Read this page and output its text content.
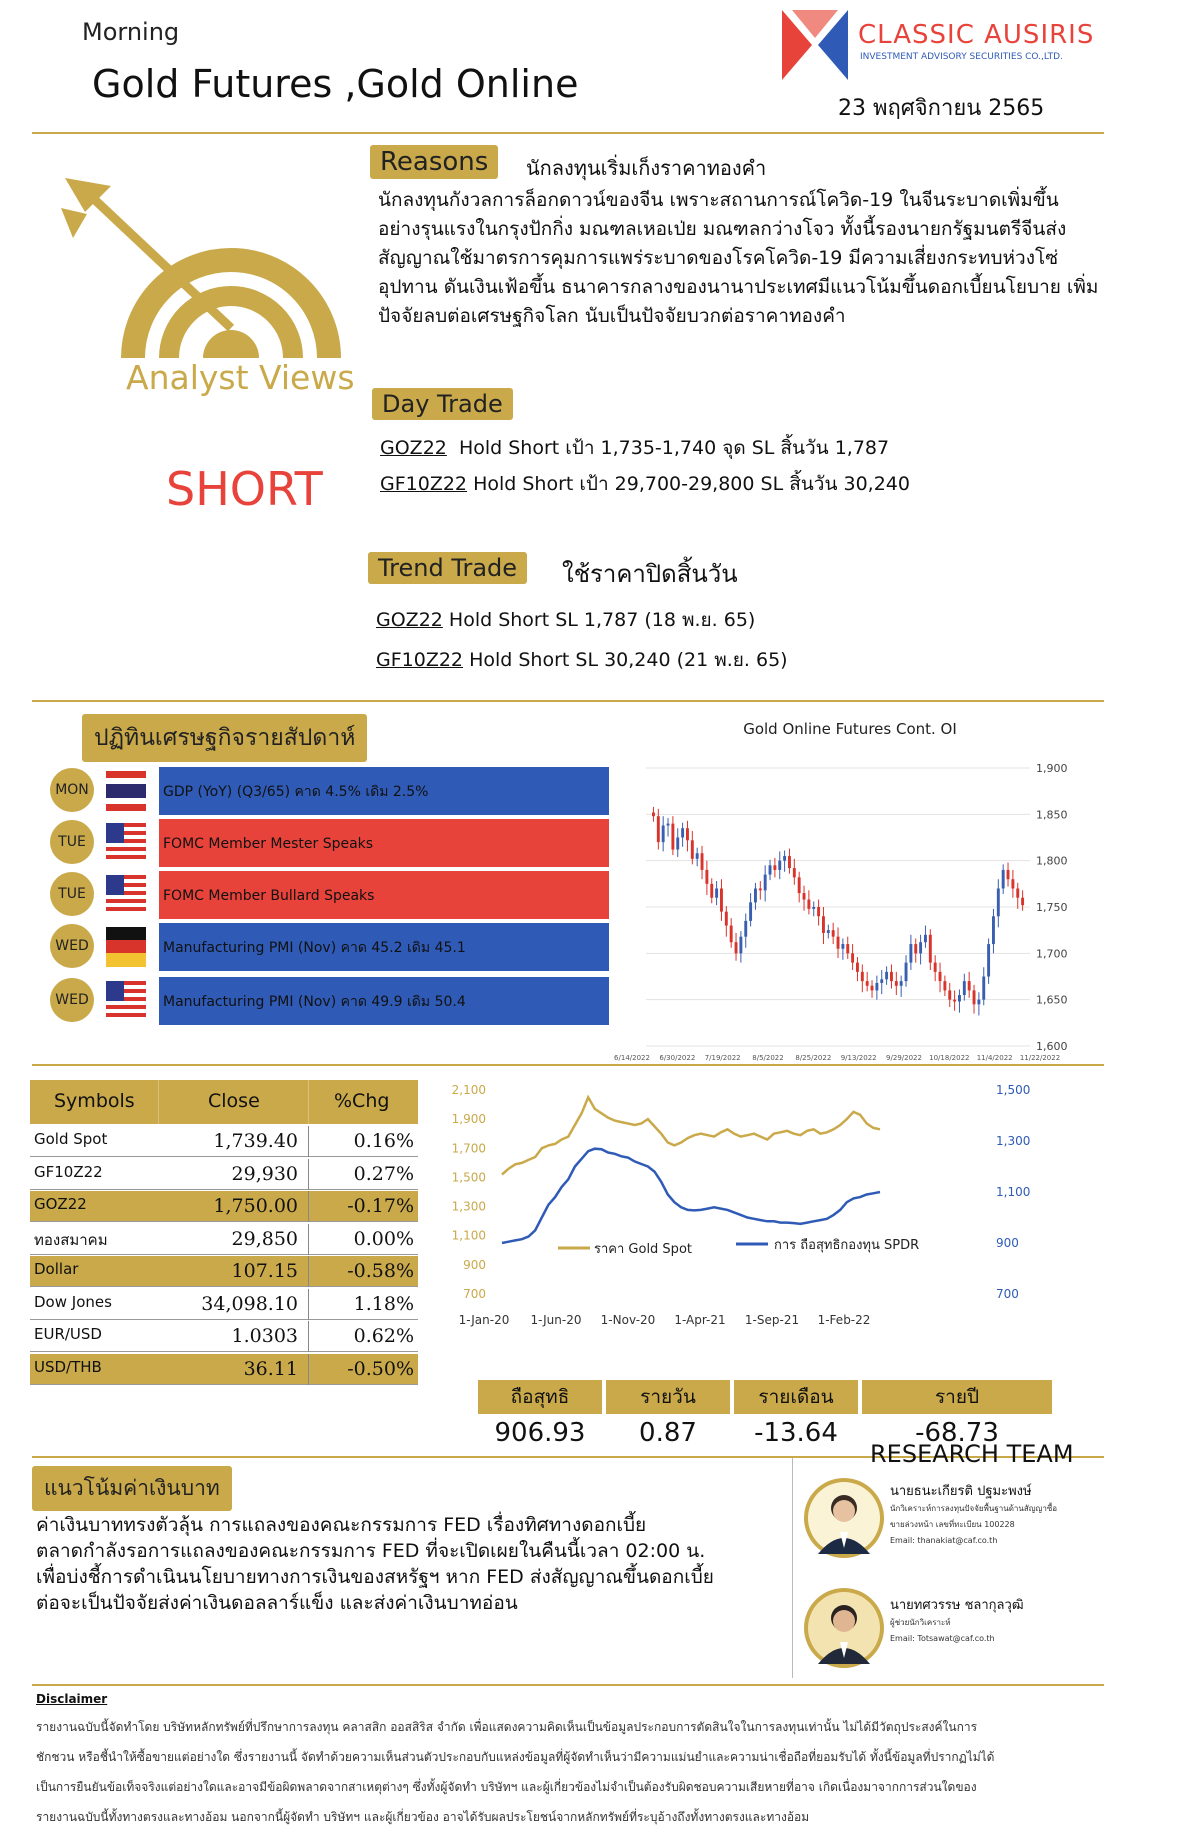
Morning
Gold Futures ,Gold Online
CLASSIC AUSIRIS
INVESTMENT ADVISORY SECURITIES CO.,LTD.
23 พฤศจิกายน 2565
Analyst Views
SHORT
Reasons	นักลงทุนเริ่มเก็งราคาทองคำ
นักลงทุนกังวลการล็อกดาวน์ของจีน เพราะสถานการณ์โควิด-19 ในจีนระบาดเพิ่มขึ้น
อย่างรุนแรงในกรุงปักกิ่ง มณฑลเหอเป่ย มณฑลกว่างโจว ทั้งนี้รองนายกรัฐมนตรีจีนส่ง
สัญญาณใช้มาตรการคุมการแพร่ระบาดของโรคโควิด-19 มีความเสี่ยงกระทบห่วงโซ่
อุปทาน ดันเงินเฟ้อขึ้น ธนาคารกลางของนานาประเทศมีแนวโน้มขึ้นดอกเบี้ยนโยบาย เพิ่ม
ปัจจัยลบต่อเศรษฐกิจโลก นับเป็นปัจจัยบวกต่อราคาทองคำ
Day Trade
GOZ22  Hold Short เป้า 1,735-1,740 จุด SL สิ้นวัน 1,787
GF10Z22 Hold Short เป้า 29,700-29,800 SL สิ้นวัน 30,240
Trend Trade	ใช้ราคาปิดสิ้นวัน
GOZ22 Hold Short SL 1,787 (18 พ.ย. 65)
GF10Z22 Hold Short SL 30,240 (21 พ.ย. 65)
ปฏิทินเศรษฐกิจรายสัปดาห์
MON	GDP (YoY) (Q3/65) คาด 4.5% เดิม 2.5%
TUE	FOMC Member Mester Speaks
TUE	FOMC Member Bullard Speaks
WED	Manufacturing PMI (Nov) คาด 45.2 เดิม 45.1
WED	Manufacturing PMI (Nov) คาด 49.9 เดิม 50.4
Gold Online Futures Cont. OI
1,600
1,650
1,700
1,750
1,800
1,850
1,900
6/14/2022 6/30/2022 7/19/2022 8/5/2022 8/25/2022 9/13/2022 9/29/2022 10/18/2022 11/4/2022 11/22/2022
Symbols	Close	%Chg
Gold Spot	1,739.40	0.16%
GF10Z22	29,930	0.27%
GOZ22	1,750.00	-0.17%
ทองสมาคม	29,850	0.00%
Dollar	107.15	-0.58%
Dow Jones	34,098.10	1.18%
EUR/USD	1.0303	0.62%
USD/THB	36.11	-0.50%
700
900
1,100
1,300
1,500
1,700
1,900
2,100
700
900
1,100
1,300
1,500
1-Jan-20 1-Jun-20 1-Nov-20 1-Apr-21 1-Sep-21 1-Feb-22
ราคา Gold Spot	การ ถือสุทธิกองทุน SPDR
ถือสุทธิ	รายวัน	รายเดือน	รายปี
906.93	0.87	-13.64	-68.73
แนวโน้มค่าเงินบาท
ค่าเงินบาททรงตัวลุ้น การแถลงของคณะกรรมการ FED เรื่องทิศทางดอกเบี้ย
ตลาดกำลังรอการแถลงของคณะกรรมการ FED ที่จะเปิดเผยในคืนนี้เวลา 02:00 น.
เพื่อบ่งชี้การดำเนินนโยบายทางการเงินของสหรัฐฯ หาก FED ส่งสัญญาณขึ้นดอกเบี้ย
ต่อจะเป็นปัจจัยส่งค่าเงินดอลลาร์แข็ง และส่งค่าเงินบาทอ่อน
RESEARCH TEAM
นายธนะเกียรติ ปฐมะพงษ์
นักวิเคราะห์การลงทุนปัจจัยพื้นฐานด้านสัญญาซื้อ
ขายล่วงหน้า เลขที่ทะเบียน 100228
Email: thanakiat@caf.co.th
นายทศวรรษ ชลากุลวุฒิ
ผู้ช่วยนักวิเคราะห์
Email: Totsawat@caf.co.th
Disclaimer
รายงานฉบับนี้จัดทำโดย บริษัทหลักทรัพย์ที่ปรึกษาการลงทุน คลาสสิก ออสสิริส จำกัด เพื่อแสดงความคิดเห็นเป็นข้อมูลประกอบการตัดสินใจในการลงทุนเท่านั้น ไม่ได้มีวัตถุประสงค์ในการ
ชักชวน หรือชี้นำให้ซื้อขายแต่อย่างใด ซึ่งรายงานนี้ จัดทำด้วยความเห็นส่วนตัวประกอบกับแหล่งข้อมูลที่ผู้จัดทำเห็นว่ามีความแม่นยำและความน่าเชื่อถือที่ยอมรับได้ ทั้งนี้ข้อมูลที่ปรากฏไม่ได้
เป็นการยืนยันข้อเท็จจริงแต่อย่างใดและอาจมีข้อผิดพลาดจากสาเหตุต่างๆ ซึ่งทั้งผู้จัดทำ บริษัทฯ และผู้เกี่ยวข้องไม่จำเป็นต้องรับผิดชอบความเสียหายที่อาจ เกิดเนื่องมาจากการส่วนใดของ
รายงานฉบับนี้ทั้งทางตรงและทางอ้อม นอกจากนี้ผู้จัดทำ บริษัทฯ และผู้เกี่ยวข้อง อาจได้รับผลประโยชน์จากหลักทรัพย์ที่ระบุอ้างถึงทั้งทางตรงและทางอ้อม
